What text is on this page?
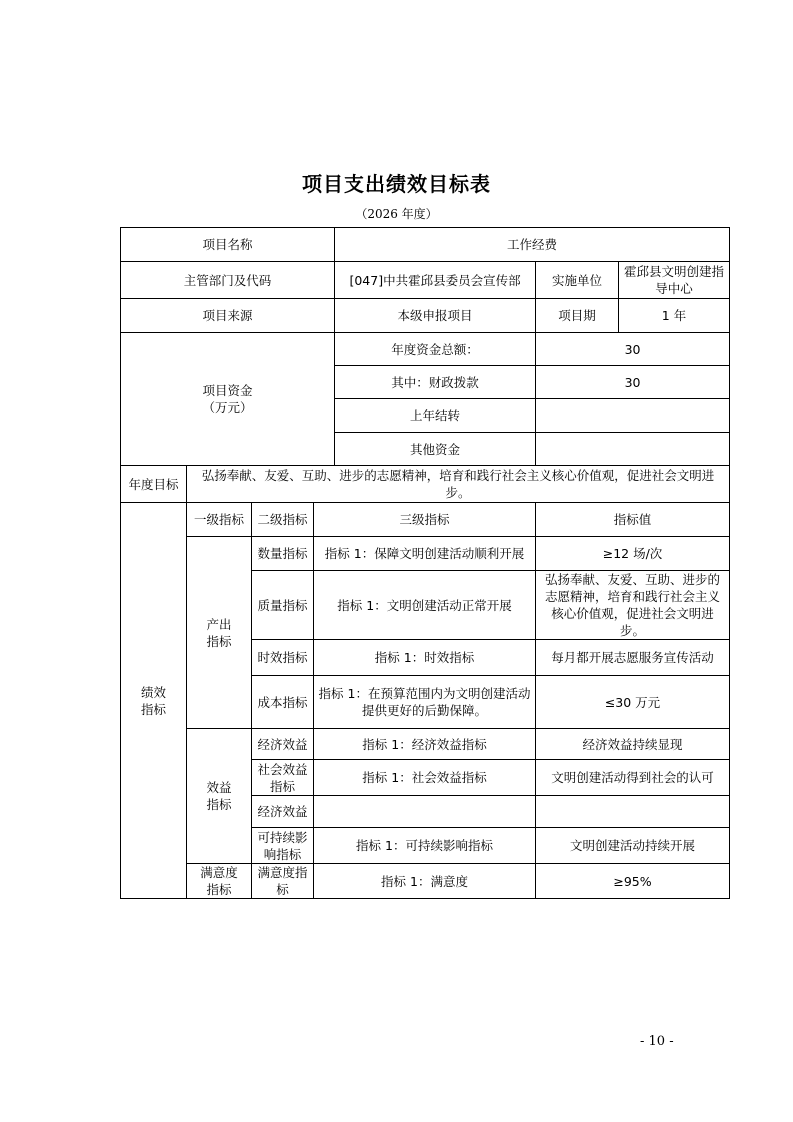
项目支出绩效目标表
（2026 年度）
项目名称				工作经费		
主管部门及代码				[047]中共霍邱县委员会宣传部	实施单位	霍邱县文明创建指导中心
项目来源				本级申报项目	项目期	1 年

项目资金（万元）				年度资金总额：	30	
				其中：财政拨款	30	
				上年结转		
				其他资金		
年度目标	弘扬奉献、友爱、互助、进步的志愿精神，培育和践行社会主义核心价值观，促进社会文明进步。					

绩效指标	一级指标	二级指标	三级指标		指标值	

	产出指标	数量指标	指标 1：保障文明创建活动顺利开展		≥12 场/次	
		质量指标	指标 1：文明创建活动正常开展		弘扬奉献、友爱、互助、进步的志愿精神，培育和践行社会主义核心价值观，促进社会文明进步。	
		时效指标	指标 1：时效指标		每月都开展志愿服务宣传活动	
		成本指标	指标 1：在预算范围内为文明创建活动提供更好的后勤保障。		≤30 万元	

	效益指标	经济效益	指标 1：经济效益指标		经济效益持续显现	

		社会效益指标	指标 1：社会效益指标		文明创建活动得到社会的认可	
		经济效益				

		可持续影响指标	指标 1：可持续影响指标		文明创建活动持续开展	

	满意度指标	满意度指标	指标 1：满意度		≥95%	
- 10 -
